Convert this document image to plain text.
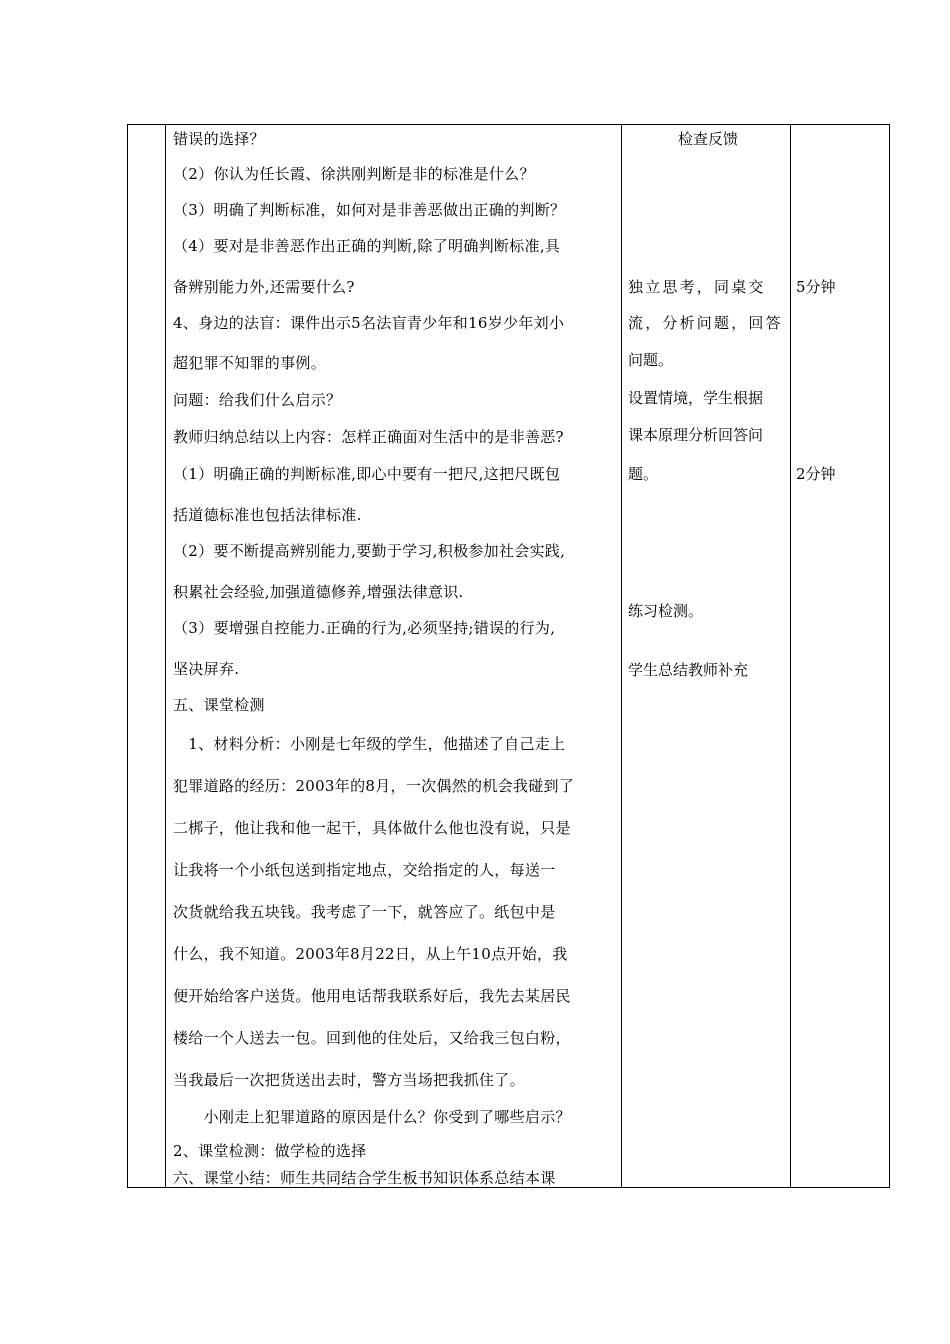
错误的选择？
（2）你认为任长霞、徐洪刚判断是非的标准是什么？
（3）明确了判断标准，如何对是非善恶做出正确的判断？
（4）要对是非善恶作出正确的判断,除了明确判断标准,具
备辨别能力外,还需要什么?
4、身边的法盲：课件出示5名法盲青少年和16岁少年刘小
超犯罪不知罪的事例。
问题：给我们什么启示？
教师归纳总结以上内容：怎样正确面对生活中的是非善恶?
（1）明确正确的判断标准,即心中要有一把尺,这把尺既包
括道德标准也包括法律标准.
（2）要不断提高辨别能力,要勤于学习,积极参加社会实践,
积累社会经验,加强道德修养,增强法律意识.
（3）要增强自控能力.正确的行为,必须坚持;错误的行为,
坚决屏弃.
五、课堂检测
　1、材料分析：小刚是七年级的学生，他描述了自己走上
犯罪道路的经历：2003年的8月，一次偶然的机会我碰到了
二梆子，他让我和他一起干，具体做什么他也没有说，只是
让我将一个小纸包送到指定地点，交给指定的人，每送一
次货就给我五块钱。我考虑了一下，就答应了。纸包中是
什么，我不知道。2003年8月22日，从上午10点开始，我
便开始给客户送货。他用电话帮我联系好后，我先去某居民
楼给一个人送去一包。回到他的住处后，又给我三包白粉，
当我最后一次把货送出去时，警方当场把我抓住了。
　　小刚走上犯罪道路的原因是什么？你受到了哪些启示？
2、课堂检测：做学检的选择
六、课堂小结：师生共同结合学生板书知识体系总结本课
检查反馈
独立思考，同桌交
流，分析问题，回答
问题。
设置情境，学生根据
课本原理分析回答问
题。
练习检测。
学生总结教师补充
5分钟
2分钟
